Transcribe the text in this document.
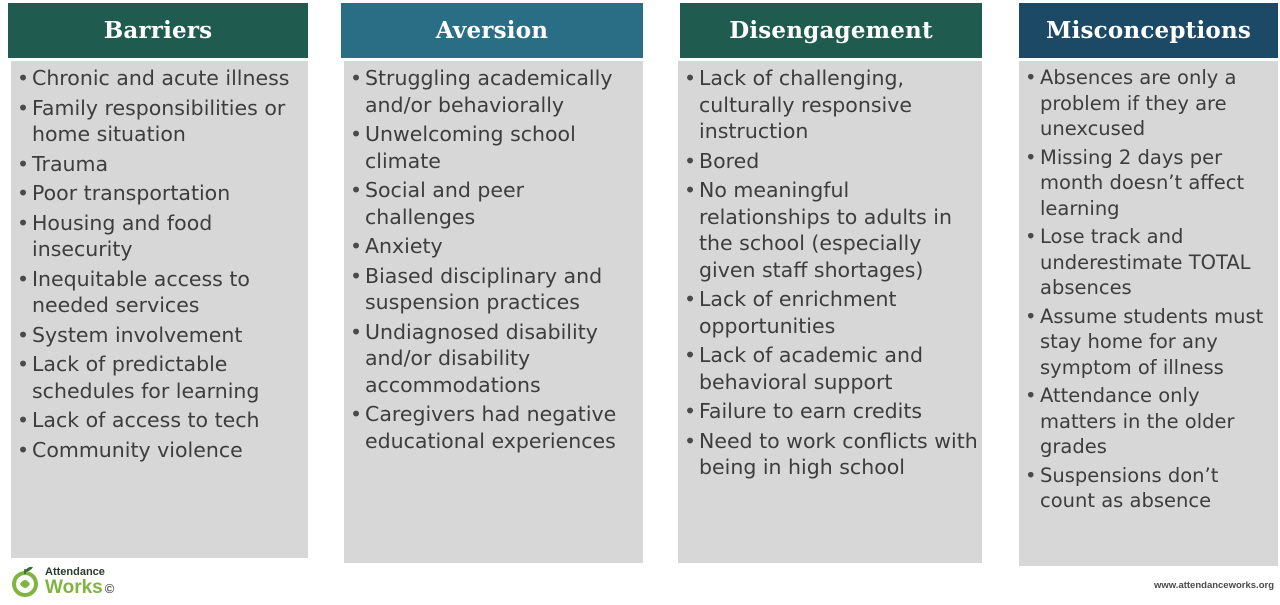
Barriers
• Chronic and acute illness
• Family responsibilities or home situation
• Trauma
• Poor transportation
• Housing and food insecurity
• Inequitable access to needed services
• System involvement
• Lack of predictable schedules for learning
• Lack of access to tech
• Community violence
Aversion
• Struggling academically and/or behaviorally
• Unwelcoming school climate
• Social and peer challenges
• Anxiety
• Biased disciplinary and suspension practices
• Undiagnosed disability and/or disability accommodations
• Caregivers had negative educational experiences
Disengagement
• Lack of challenging, culturally responsive instruction
• Bored
• No meaningful relationships to adults in the school (especially given staff shortages)
• Lack of enrichment opportunities
• Lack of academic and behavioral support
• Failure to earn credits
• Need to work conflicts with being in high school
Misconceptions
• Absences are only a problem if they are unexcused
• Missing 2 days per month doesn’t affect learning
• Lose track and underestimate TOTAL absences
• Assume students must stay home for any symptom of illness
• Attendance only matters in the older grades
• Suspensions don’t count as absence
Attendance
Works ©	www.attendanceworks.org
